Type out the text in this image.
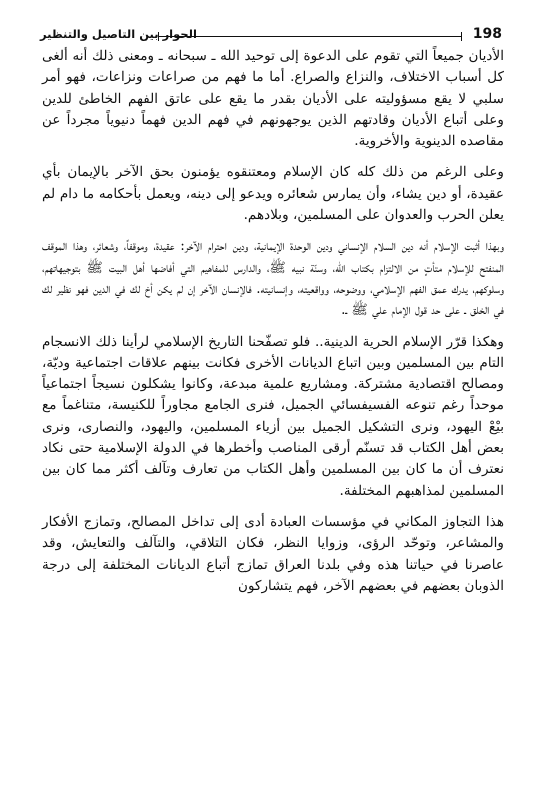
198
الحوار بين التاصيل والتنظير

الأديان جميعاً التي تقوم على الدعوة إلى توحيد الله ـ سبحانه ـ ومعنى ذلك أنه ألغى كل أسباب الاختلاف، والنزاع والصراع. أما ما فهم من صراعات ونزاعات، فهو أمر سلبي لا يقع مسؤوليته على الأديان بقدر ما يقع على عاتق الفهم الخاطئ للدين وعلى أتباع الأديان وقادتهم الذين يوجهونهم في فهم الدين فهماً دنيوياً مجرداً عن مقاصده الدينوية والأخروية.

وعلى الرغم من ذلك كله كان الإسلام ومعتنقوه يؤمنون بحق الآخر بالإيمان بأي عقيدة، أو دين يشاء، وأن يمارس شعائره ويدعو إلى دينه، ويعمل بأحكامه ما دام لم يعلن الحرب والعدوان على المسلمين، وبلادهم.

وبهذا أثبت الإسلام أنه دين السلام الإنساني ودين الوحدة الإيمانية، ودين احترام الآخر: عقيدة، وموقفاً، وشعائر، وهذا الموقف المنفتح للإسلام متأتٍ من الالتزام بكتاب الله، وسنّة نبيه ﷺ، والدارس للمفاهيم التي أفاضها أهل البيت ﷺ بتوجيهاتهم، وسلوكهم، يدرك عمق الفهم الإسلامي، ووضوحه، وواقعيته، وإنسانيته. فالإنسان الآخر إن لم يكن أخ لك في الدين فهو نظير لك في الخلق ـ على حد قول الإمام علي ﷺ ـ.

وهكذا قرّر الإسلام الحرية الدينية.. فلو تصفّحنا التاريخ الإسلامي لرأينا ذلك الانسجام التام بين المسلمين وبين اتباع الديانات الأخرى فكانت بينهم علاقات اجتماعية وديّة، ومصالح اقتصادية مشتركة. ومشاريع علمية مبدعة، وكانوا يشكلون نسيجاً اجتماعياً موحداً رغم تنوعه الفسيفسائي الجميل، فنرى الجامع مجاوراً للكنيسة، متناغماً مع بيْعْ اليهود، ونرى التشكيل الجميل بين أزياء المسلمين، واليهود، والنصارى، ونرى بعض أهل الكتاب قد تسنّم أرقى المناصب وأخطرها في الدولة الإسلامية حتى نكاد نعترف أن ما كان بين المسلمين وأهل الكتاب من تعارف وتآلف أكثر مما كان بين المسلمين لمذاهبهم المختلفة.

هذا التجاوز المكاني في مؤسسات العبادة أدى إلى تداخل المصالح، وتمازج الأفكار والمشاعر، وتوحّد الرؤى، وزوايا النظر، فكان التلاقي، والتآلف والتعايش، وقد عاصرنا في حياتنا هذه وفي بلدنا العراق تمازج أتباع الديانات المختلفة إلى درجة الذوبان بعضهم في بعضهم الآخر، فهم يتشاركون
